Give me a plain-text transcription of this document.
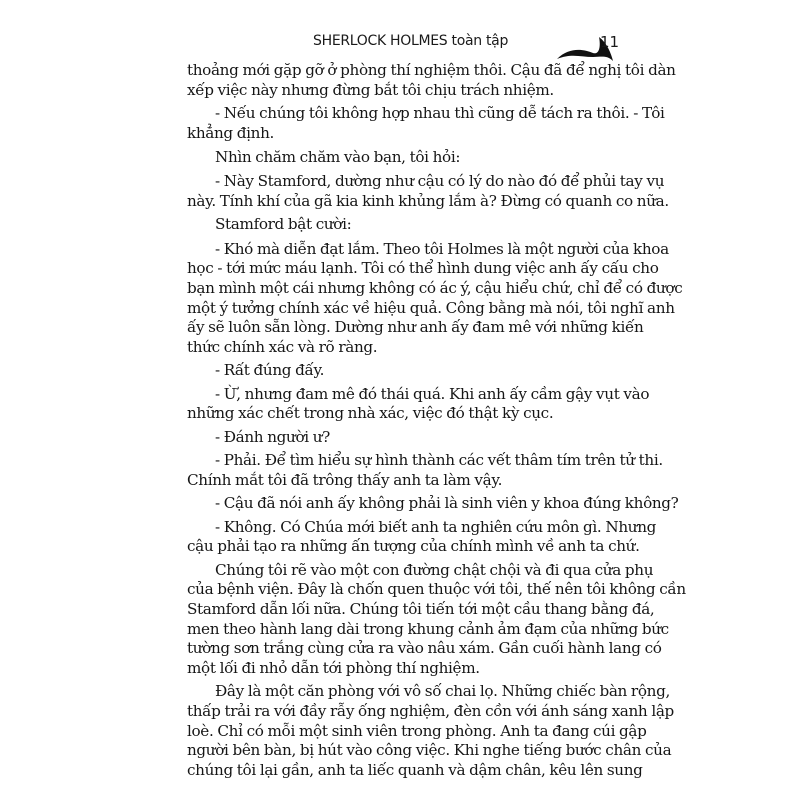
SHERLOCK HOLMES toàn tập	11
thoảng mới gặp gỡ ở phòng thí nghiệm thôi. Cậu đã để nghị tôi dàn
xếp việc này nhưng đừng bắt tôi chịu trách nhiệm.
- Nếu chúng tôi không hợp nhau thì cũng dễ tách ra thôi. - Tôi
khẳng định.
Nhìn chăm chăm vào bạn, tôi hỏi:
- Này Stamford, dường như cậu có lý do nào đó để phủi tay vụ
này. Tính khí của gã kia kinh khủng lắm à? Đừng có quanh co nữa.
Stamford bật cười:
- Khó mà diễn đạt lắm. Theo tôi Holmes là một người của khoa
học - tới mức máu lạnh. Tôi có thể hình dung việc anh ấy cấu cho
bạn mình một cái nhưng không có ác ý, cậu hiểu chứ, chỉ để có được
một ý tưởng chính xác về hiệu quả. Công bằng mà nói, tôi nghĩ anh
ấy sẽ luôn sẵn lòng. Dường như anh ấy đam mê với những kiến
thức chính xác và rõ ràng.
- Rất đúng đấy.
- Ừ, nhưng đam mê đó thái quá. Khi anh ấy cầm gậy vụt vào
những xác chết trong nhà xác, việc đó thật kỳ cục.
- Đánh người ư?
- Phải. Để tìm hiểu sự hình thành các vết thâm tím trên tử thi.
Chính mắt tôi đã trông thấy anh ta làm vậy.
- Cậu đã nói anh ấy không phải là sinh viên y khoa đúng không?
- Không. Có Chúa mới biết anh ta nghiên cứu môn gì. Nhưng
cậu phải tạo ra những ấn tượng của chính mình về anh ta chứ.
Chúng tôi rẽ vào một con đường chật chội và đi qua cửa phụ
của bệnh viện. Đây là chốn quen thuộc với tôi, thế nên tôi không cần
Stamford dẫn lối nữa. Chúng tôi tiến tới một cầu thang bằng đá,
men theo hành lang dài trong khung cảnh ảm đạm của những bức
tường sơn trắng cùng cửa ra vào nâu xám. Gần cuối hành lang có
một lối đi nhỏ dẫn tới phòng thí nghiệm.
Đây là một căn phòng với vô số chai lọ. Những chiếc bàn rộng,
thấp trải ra với đầy rẫy ống nghiệm, đèn cồn với ánh sáng xanh lập
loè. Chỉ có mỗi một sinh viên trong phòng. Anh ta đang cúi gập
người bên bàn, bị hút vào công việc. Khi nghe tiếng bước chân của
chúng tôi lại gần, anh ta liếc quanh và dậm chân, kêu lên sung
